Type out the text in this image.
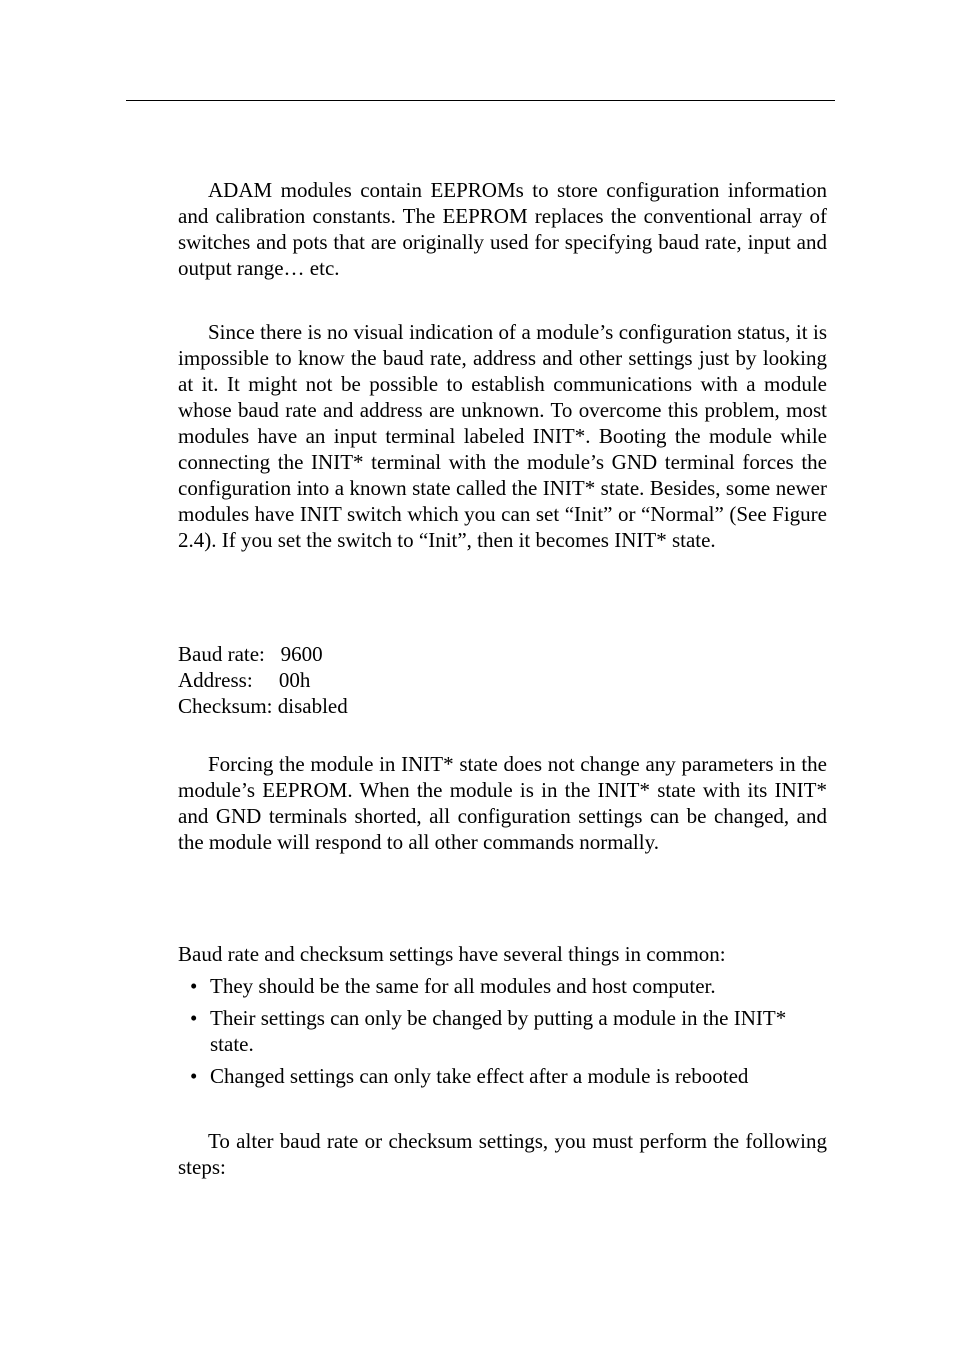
ADAM modules contain EEPROMs to store configuration information and calibration constants. The EEPROM replaces the conventional array of switches and pots that are originally used for specifying baud rate, input and output range… etc.

Since there is no visual indication of a module’s configuration status, it is impossible to know the baud rate, address and other settings just by looking at it. It might not be possible to establish communications with a module whose baud rate and address are unknown. To overcome this problem, most modules have an input terminal labeled INIT*. Booting the module while connecting the INIT* terminal with the module’s GND terminal forces the configuration into a known state called the INIT* state. Besides, some newer modules have INIT switch which you can set “Init” or “Normal” (See Figure 2.4). If you set the switch to “Init”, then it becomes INIT* state.

Baud rate:   9600
Address:     00h
Checksum: disabled

Forcing the module in INIT* state does not change any parameters in the module’s EEPROM. When the module is in the INIT* state with its INIT* and GND terminals shorted, all configuration settings can be changed, and the module will respond to all other commands normally.

Baud rate and checksum settings have several things in common:

• They should be the same for all modules and host computer.
• Their settings can only be changed by putting a module in the INIT* state.
• Changed settings can only take effect after a module is rebooted

To alter baud rate or checksum settings, you must perform the following steps:
